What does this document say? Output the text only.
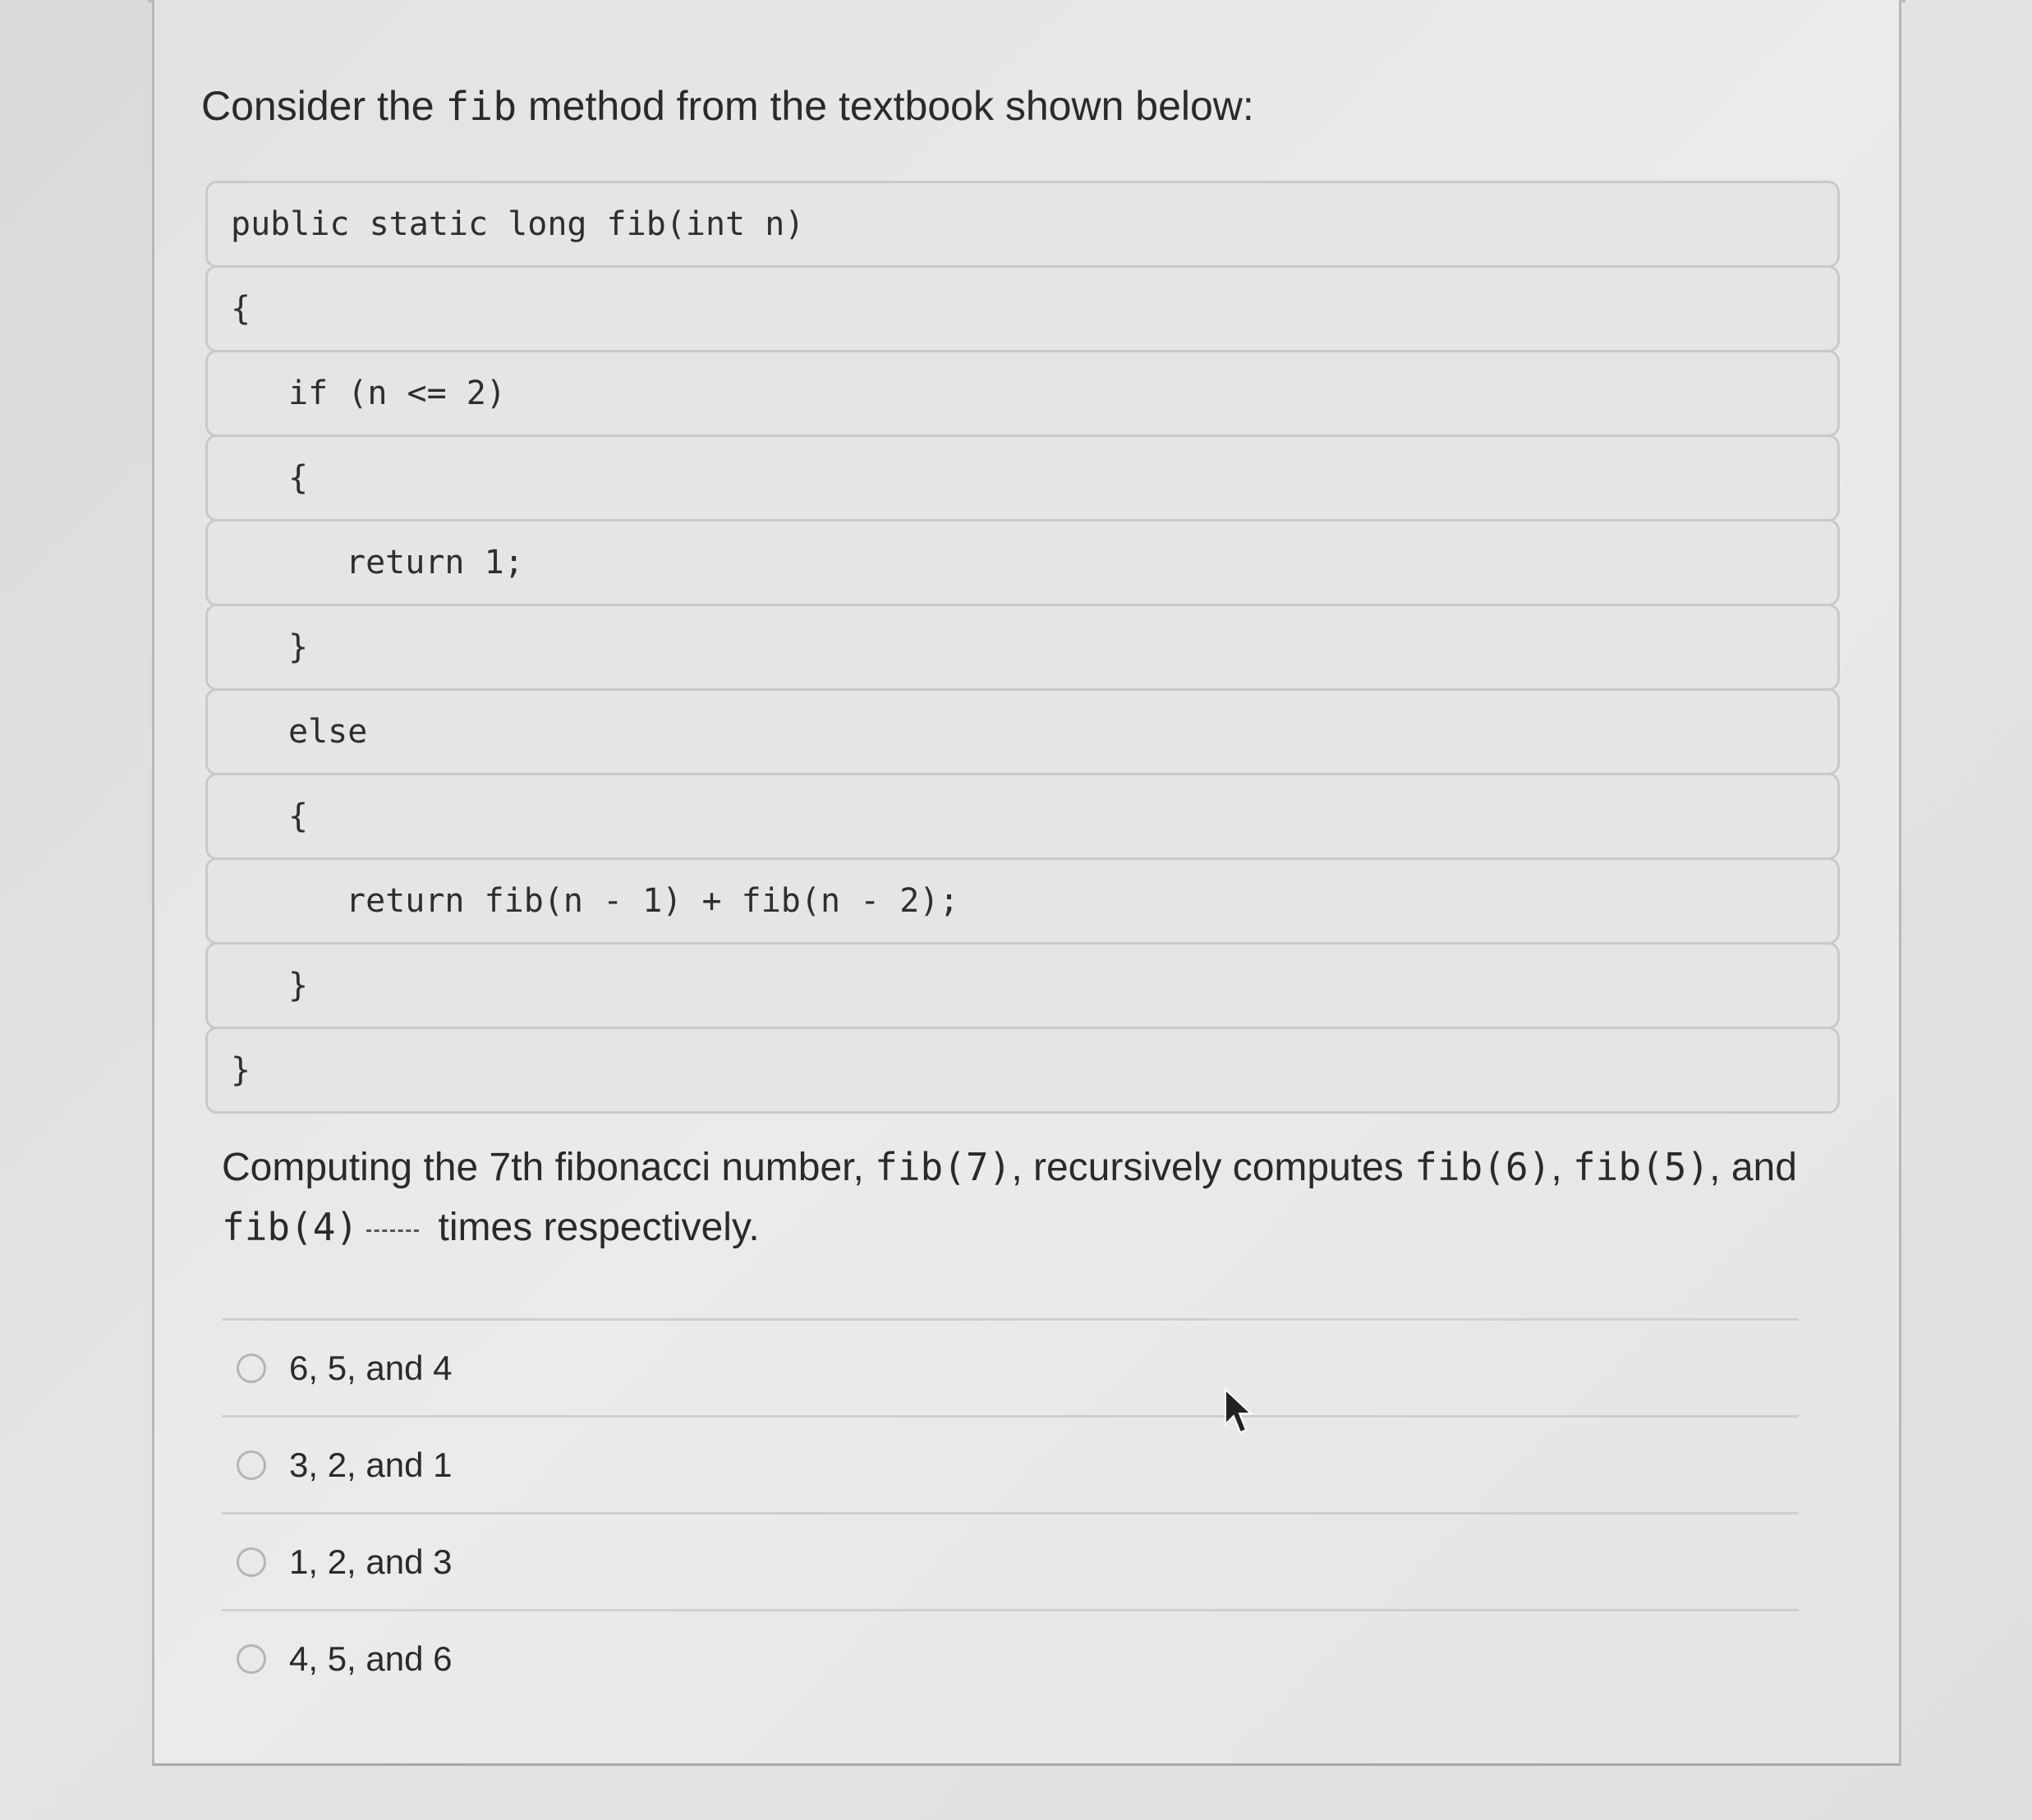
Consider the fib method from the textbook shown below:
public static long fib(int n)
{
if (n <= 2)
{
return 1;
}
else
{
return fib(n - 1) + fib(n - 2);
}
}
Computing the 7th fibonacci number, fib(7), recursively computes fib(6), fib(5), and
fib(4) times respectively.
6, 5, and 4
3, 2, and 1
1, 2, and 3
4, 5, and 6
